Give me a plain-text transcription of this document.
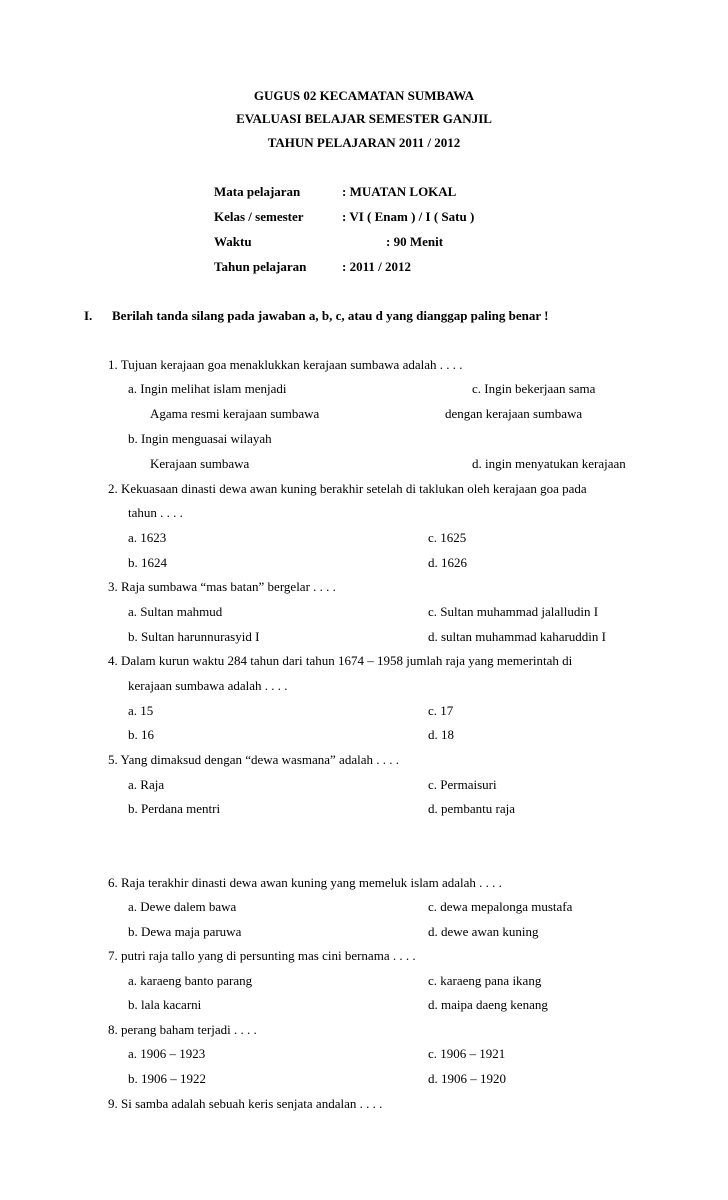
GUGUS 02 KECAMATAN SUMBAWA
EVALUASI BELAJAR SEMESTER GANJIL
TAHUN PELAJARAN 2011 / 2012
Mata pelajaran	: MUATAN LOKAL
Kelas / semester	: VI ( Enam ) / I ( Satu )
Waktu	: 90 Menit
Tahun pelajaran	: 2011 / 2012
I. Berilah tanda silang pada jawaban a, b, c, atau d yang dianggap paling benar !
1. Tujuan kerajaan goa menaklukkan kerajaan sumbawa adalah . . . .
a. Ingin melihat islam menjadi	c. Ingin bekerjaan sama
Agama resmi kerajaan sumbawa	dengan kerajaan sumbawa
b. Ingin menguasai wilayah
Kerajaan sumbawa	d. ingin menyatukan kerajaan
2. Kekuasaan dinasti dewa awan kuning berakhir setelah di taklukan oleh kerajaan goa pada
tahun . . . .
a. 1623	c. 1625
b. 1624	d. 1626
3. Raja sumbawa “mas batan” bergelar . . . .
a. Sultan mahmud	c. Sultan muhammad jalalludin I
b. Sultan harunnurasyid I	d. sultan muhammad kaharuddin I
4. Dalam kurun waktu 284 tahun dari tahun 1674 – 1958 jumlah raja yang memerintah di
kerajaan sumbawa adalah . . . .
a. 15	c. 17
b. 16	d. 18
5. Yang dimaksud dengan “dewa wasmana” adalah . . . .
a. Raja	c. Permaisuri
b. Perdana mentri	d. pembantu raja
6. Raja terakhir dinasti dewa awan kuning yang memeluk islam adalah . . . .
a. Dewe dalem bawa	c. dewa mepalonga mustafa
b. Dewa maja paruwa	d. dewe awan kuning
7. putri raja tallo yang di persunting mas cini bernama . . . .
a. karaeng banto parang	c. karaeng pana ikang
b. lala kacarni	d. maipa daeng kenang
8. perang baham terjadi . . . .
a. 1906 – 1923	c. 1906 – 1921
b. 1906 – 1922	d. 1906 – 1920
9. Si samba adalah sebuah keris senjata andalan . . . .
